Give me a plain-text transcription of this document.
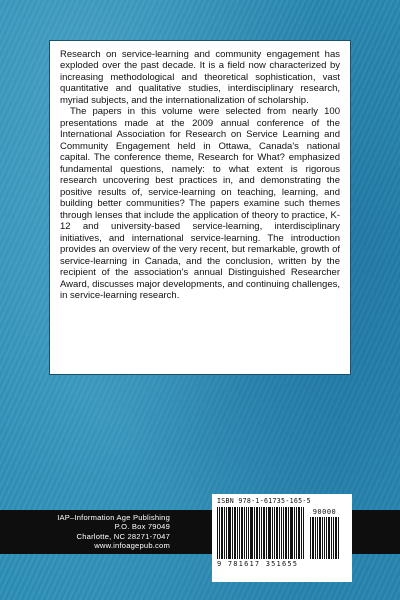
Research on service-learning and community engagement has exploded over the past decade. It is a field now characterized by increasing methodological and theoretical sophistication, vast quantitative and qualitative studies, interdisciplinary research, myriad subjects, and the internationalization of scholarship.

The papers in this volume were selected from nearly 100 presentations made at the 2009 annual conference of the International Association for Research on Service Learning and Community Engagement held in Ottawa, Canada's national capital. The conference theme, Research for What? emphasized fundamental questions, namely: to what extent is rigorous research uncovering best practices in, and demonstrating the positive results of, service-learning on teaching, learning, and building better communities? The papers examine such themes through lenses that include the application of theory to practice, K-12 and university-based service-learning, interdisciplinary initiatives, and international service-learning. The introduction provides an overview of the very recent, but remarkable, growth of service-learning in Canada, and the conclusion, written by the recipient of the association's annual Distinguished Researcher Award, discusses major developments, and continuing challenges, in service-learning research.

IAP–Information Age Publishing
P.O. Box 79049
Charlotte, NC 28271-7047
www.infoagepub.com
ISBN 978-1-61735-165-5
90000
9 781617 351655
